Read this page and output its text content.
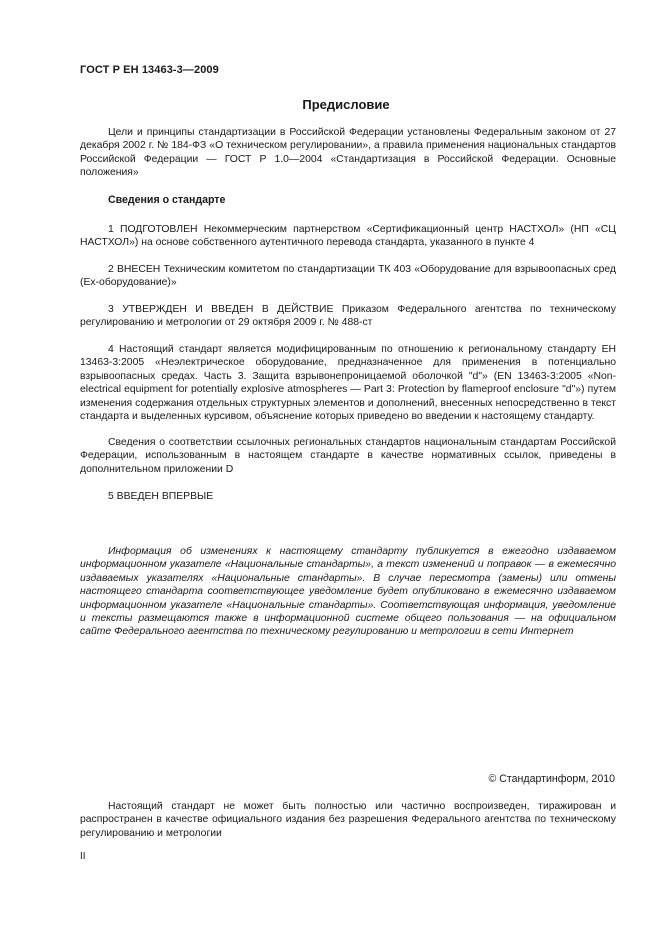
ГОСТ Р ЕН 13463-3—2009
Предисловие
Цели и принципы стандартизации в Российской Федерации установлены Федеральным законом от 27 декабря 2002 г. № 184-ФЗ «О техническом регулировании», а правила применения национальных стандартов Российской Федерации — ГОСТ Р 1.0—2004 «Стандартизация в Российской Федерации. Основные положения»
Сведения о стандарте
1 ПОДГОТОВЛЕН Некоммерческим партнерством «Сертификационный центр НАСТХОЛ» (НП «СЦ НАСТХОЛ») на основе собственного аутентичного перевода стандарта, указанного в пункте 4
2 ВНЕСЕН Техническим комитетом по стандартизации ТК 403 «Оборудование для взрывоопасных сред (Ех-оборудование)»
3 УТВЕРЖДЕН И ВВЕДЕН В ДЕЙСТВИЕ Приказом Федерального агентства по техническому регулированию и метрологии от 29 октября 2009 г. № 488-ст
4 Настоящий стандарт является модифицированным по отношению к региональному стандарту ЕН 13463-3:2005 «Неэлектрическое оборудование, предназначенное для применения в потенциально взрывоопасных средах. Часть 3. Защита взрывонепроницаемой оболочкой "d"» (EN 13463-3:2005 «Non-electrical equipment for potentially explosive atmospheres — Part 3: Protection by flameproof enclosure "d"») путем изменения содержания отдельных структурных элементов и дополнений, внесенных непосредственно в текст стандарта и выделенных курсивом, объяснение которых приведено во введении к настоящему стандарту.
Сведения о соответствии ссылочных региональных стандартов национальным стандартам Российской Федерации, использованным в настоящем стандарте в качестве нормативных ссылок, приведены в дополнительном приложении D
5 ВВЕДЕН ВПЕРВЫЕ
Информация об изменениях к настоящему стандарту публикуется в ежегодно издаваемом информационном указателе «Национальные стандарты», а текст изменений и поправок — в ежемесячно издаваемых указателях «Национальные стандарты». В случае пересмотра (замены) или отмены настоящего стандарта соответствующее уведомление будет опубликовано в ежемесячно издаваемом информационном указателе «Национальные стандарты». Соответствующая информация, уведомление и тексты размещаются также в информационной системе общего пользования — на официальном сайте Федерального агентства по техническому регулированию и метрологии в сети Интернет
© Стандартинформ, 2010
Настоящий стандарт не может быть полностью или частично воспроизведен, тиражирован и распространен в качестве официального издания без разрешения Федерального агентства по техническому регулированию и метрологии
II
